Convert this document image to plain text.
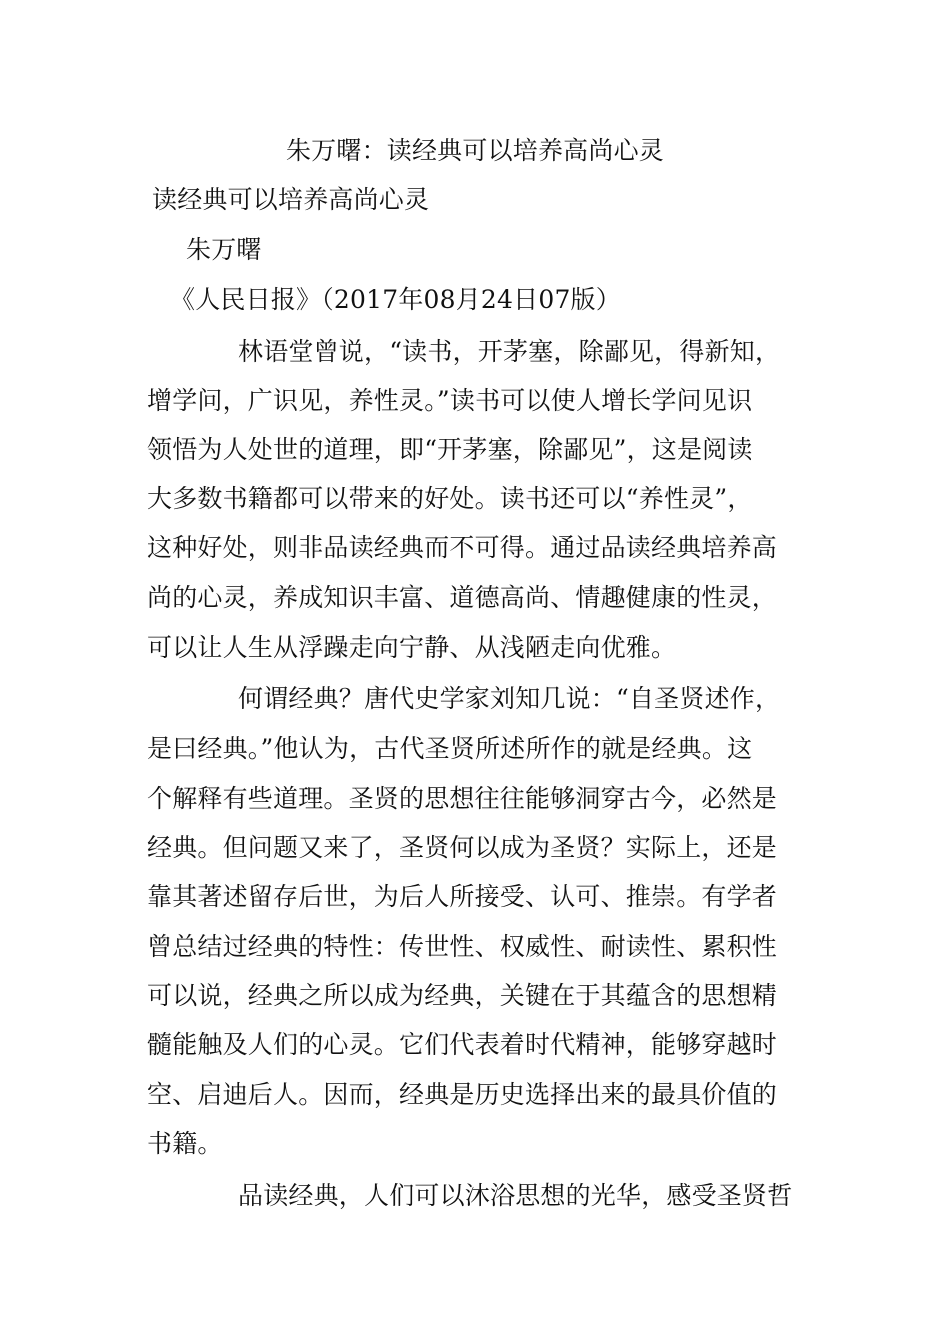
朱万曙：读经典可以培养高尚心灵
读经典可以培养高尚心灵
朱万曙
《人民日报》（2017年08月24日07版）
林语堂曾说，“读书，开茅塞，除鄙见，得新知，
增学问，广识见，养性灵。”读书可以使人增长学问见识
领悟为人处世的道理，即“开茅塞，除鄙见”，这是阅读
大多数书籍都可以带来的好处。读书还可以“养性灵”，
这种好处，则非品读经典而不可得。通过品读经典培养高
尚的心灵，养成知识丰富、道德高尚、情趣健康的性灵，
可以让人生从浮躁走向宁静、从浅陋走向优雅。
何谓经典？唐代史学家刘知几说：“自圣贤述作，
是曰经典。”他认为，古代圣贤所述所作的就是经典。这
个解释有些道理。圣贤的思想往往能够洞穿古今，必然是
经典。但问题又来了，圣贤何以成为圣贤？实际上，还是
靠其著述留存后世，为后人所接受、认可、推崇。有学者
曾总结过经典的特性：传世性、权威性、耐读性、累积性
可以说，经典之所以成为经典，关键在于其蕴含的思想精
髓能触及人们的心灵。它们代表着时代精神，能够穿越时
空、启迪后人。因而，经典是历史选择出来的最具价值的
书籍。
品读经典，人们可以沐浴思想的光华，感受圣贤哲
